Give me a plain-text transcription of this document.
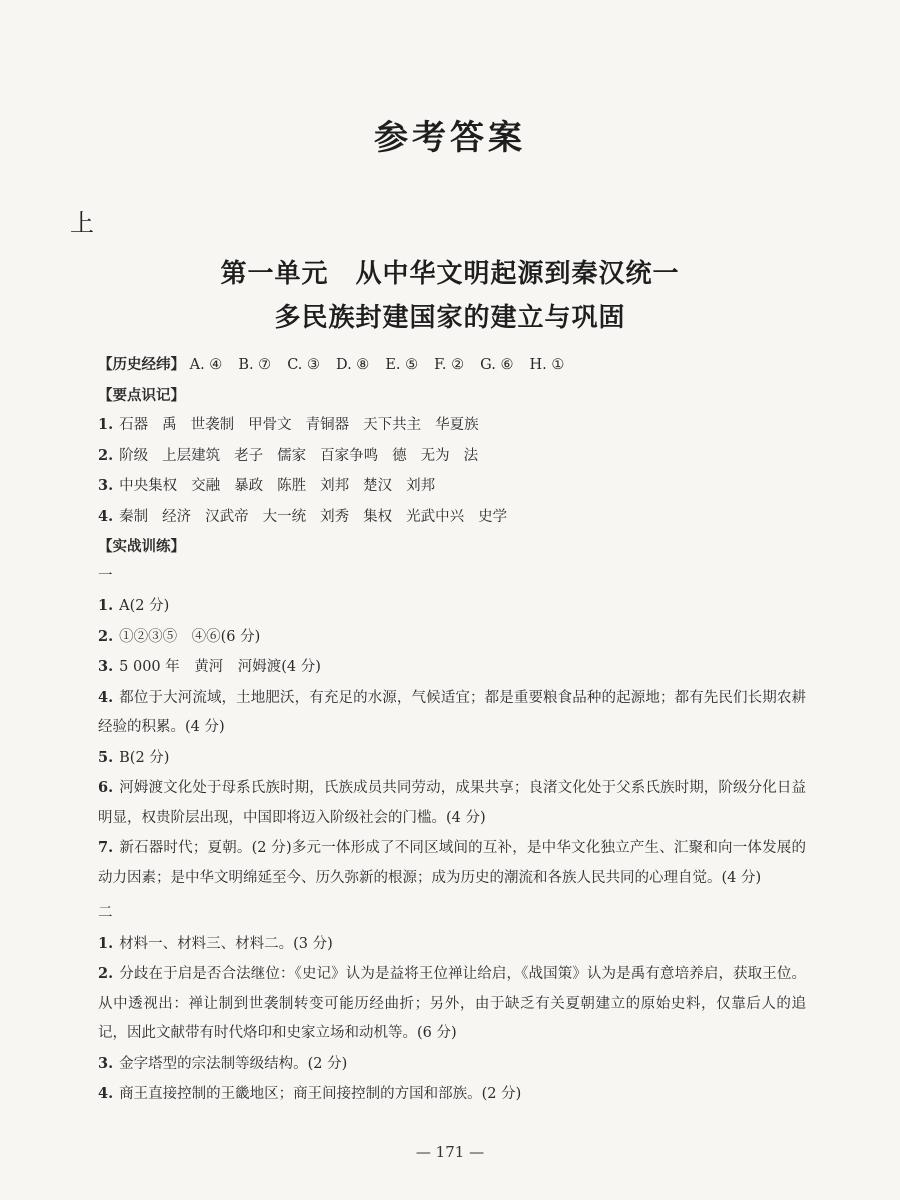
参考答案
上
第一单元　从中华文明起源到秦汉统一
多民族封建国家的建立与巩固

【历史经纬】 A. ④ B. ⑦ C. ③ D. ⑧ E. ⑤ F. ② G. ⑥ H. ①

【要点识记】

1. 石器 禹 世袭制 甲骨文 青铜器 天下共主 华夏族

2. 阶级 上层建筑 老子 儒家 百家争鸣 德 无为 法

3. 中央集权 交融 暴政 陈胜 刘邦 楚汉 刘邦

4. 秦制 经济 汉武帝 大一统 刘秀 集权 光武中兴 史学

【实战训练】

一

1. A(2 分)

2. ①②③⑤　④⑥(6 分)

3. 5 000 年　黄河　河姆渡(4 分)

4. 都位于大河流域，土地肥沃，有充足的水源，气候适宜；都是重要粮食品种的起源地；都有先民们长期农耕经验的积累。(4 分)

5. B(2 分)

6. 河姆渡文化处于母系氏族时期，氏族成员共同劳动，成果共享；良渚文化处于父系氏族时期，阶级分化日益明显，权贵阶层出现，中国即将迈入阶级社会的门槛。(4 分)

7. 新石器时代；夏朝。(2 分)多元一体形成了不同区域间的互补，是中华文化独立产生、汇聚和向一体发展的动力因素；是中华文明绵延至今、历久弥新的根源；成为历史的潮流和各族人民共同的心理自觉。(4 分)

二

1. 材料一、材料三、材料二。(3 分)

2. 分歧在于启是否合法继位：《史记》认为是益将王位禅让给启，《战国策》认为是禹有意培养启，获取王位。从中透视出：禅让制到世袭制转变可能历经曲折；另外，由于缺乏有关夏朝建立的原始史料，仅靠后人的追记，因此文献带有时代烙印和史家立场和动机等。(6 分)

3. 金字塔型的宗法制等级结构。(2 分)

4. 商王直接控制的王畿地区；商王间接控制的方国和部族。(2 分)

— 171 —
